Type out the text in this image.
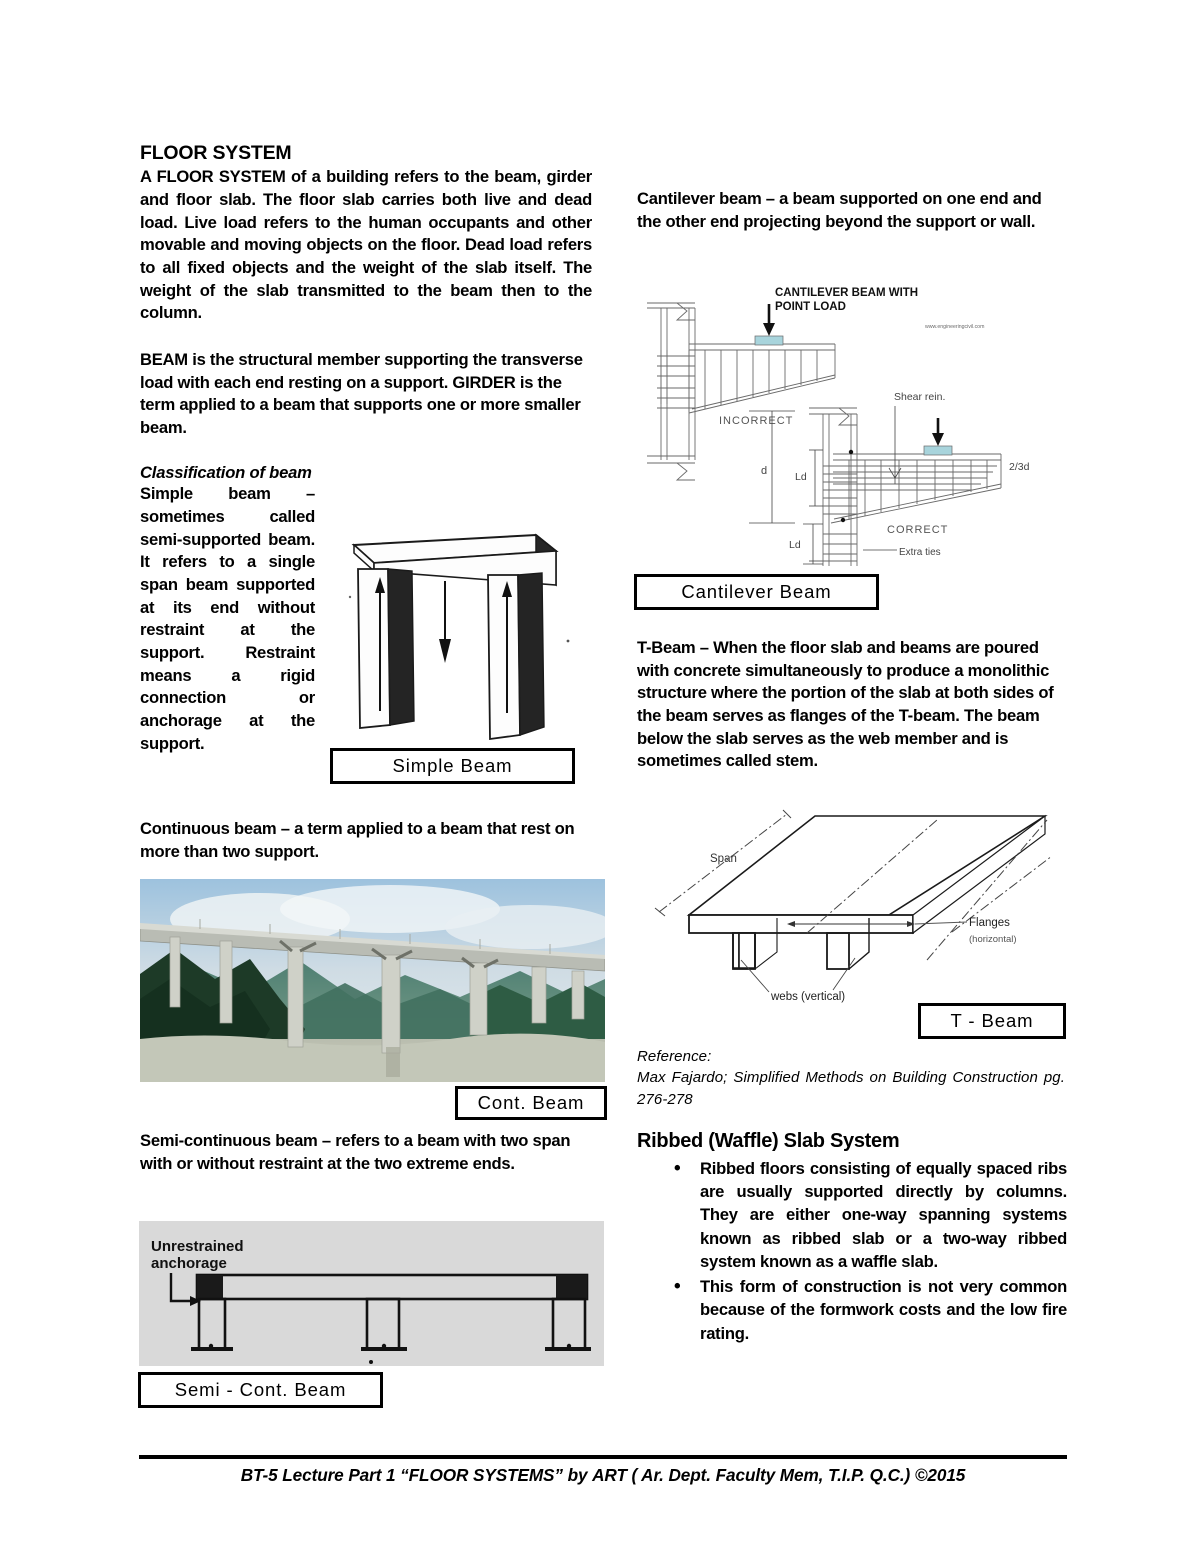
FLOOR SYSTEM

A FLOOR SYSTEM of a building refers to the beam, girder and floor slab. The floor slab carries both live and dead load. Live load refers to the human occupants and other movable and moving objects on the floor. Dead load refers to all fixed objects and the weight of the slab itself. The weight of the slab transmitted to the beam then to the column.

BEAM is the structural member supporting the transverse load with each end resting on a support. GIRDER is the term applied to a beam that supports one or more smaller beam.

Classification of beam

Simple beam – sometimes called semi-supported beam. It refers to a single span beam supported at its end without restraint at the support. Restraint means a rigid connection or anchorage at the support.
Simple Beam

Continuous beam – a term applied to a beam that rest on more than two support.

Cont. Beam

Semi-continuous beam – refers to a beam with two span with or without restraint at the two extreme ends.

Unrestrained
anchorage
Semi - Cont. Beam

Cantilever beam – a beam supported on one end and the other end projecting beyond the support or wall.

CANTILEVER BEAM WITH
POINT LOAD
www.engineeringcivil.com
INCORRECT
d
Shear rein.
2/3d
CORRECT
Extra ties
Ld
Ld
Cantilever Beam

T-Beam – When the floor slab and beams are poured with concrete simultaneously to produce a monolithic structure where the portion of the slab at both sides of the beam serves as flanges of the T-beam. The beam below the slab serves as the web member and is sometimes called stem.

Span
Flanges
(horizontal)
webs (vertical)
T - Beam
Reference:
Max Fajardo; Simplified Methods on Building Construction pg. 276-278
Ribbed (Waffle) Slab System
• Ribbed floors consisting of equally spaced ribs are usually supported directly by columns. They are either one-way spanning systems known as ribbed slab or a two-way ribbed system known as a waffle slab.
• This form of construction is not very common because of the formwork costs and the low fire rating.
BT-5 Lecture Part 1 “FLOOR SYSTEMS” by ART ( Ar. Dept. Faculty Mem, T.I.P. Q.C.) ©2015
